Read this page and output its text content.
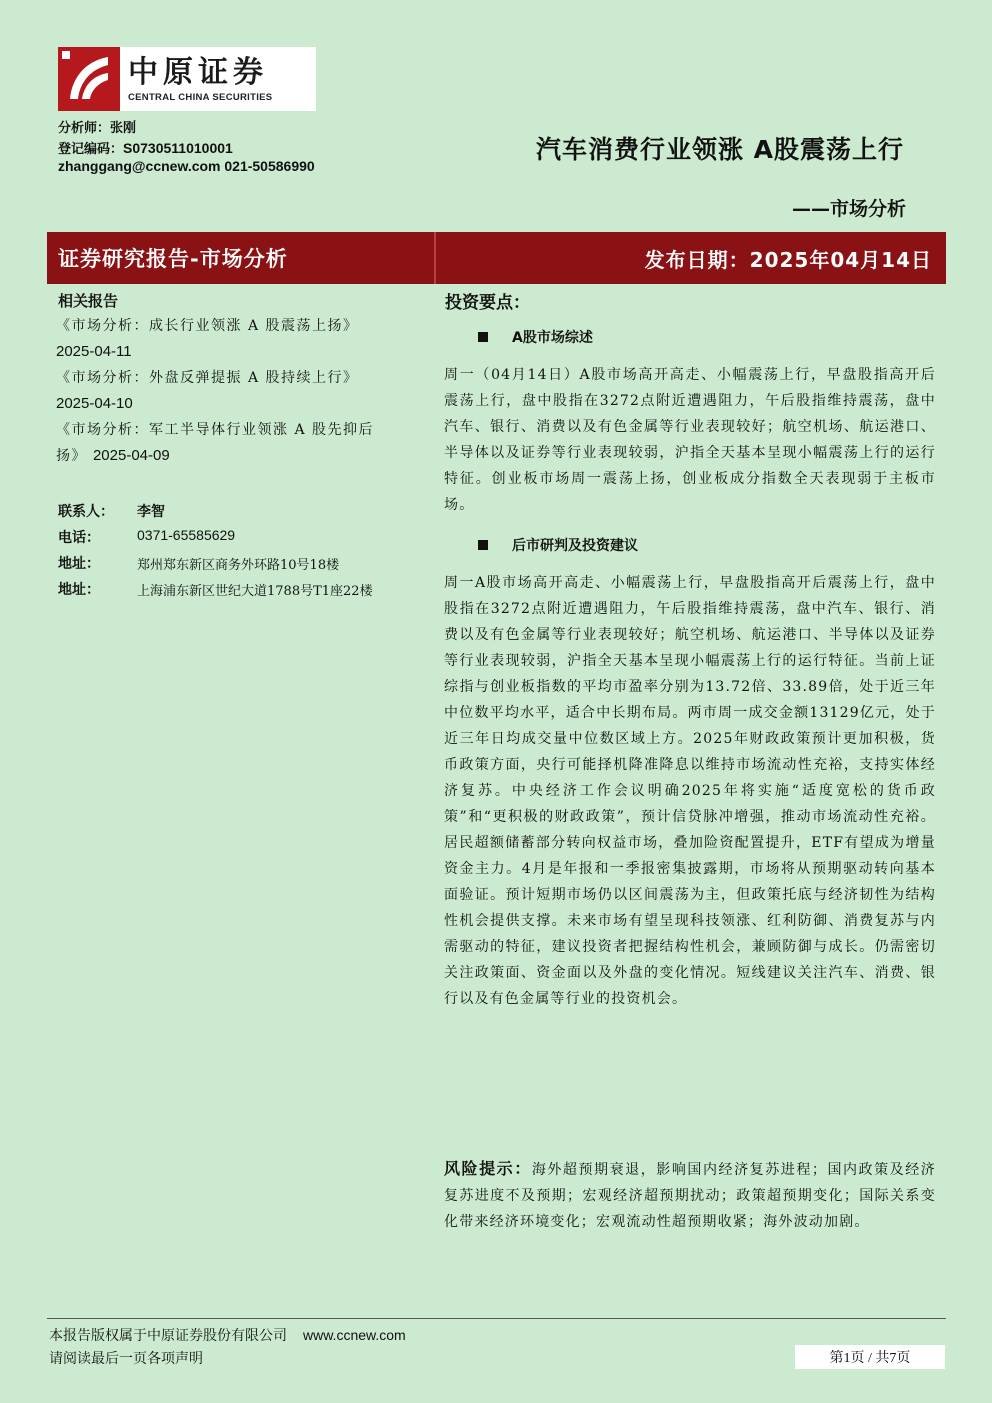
中原证券
CENTRAL CHINA SECURITIES
分析师：张刚
登记编码：S0730511010001
zhanggang@ccnew.com 021-50586990
汽车消费行业领涨 A股震荡上行
——市场分析
证券研究报告-市场分析	发布日期：2025年04月14日
相关报告
《市场分析：成长行业领涨 A 股震荡上扬》
2025-04-11
《市场分析：外盘反弹提振 A 股持续上行》
2025-04-10
《市场分析：军工半导体行业领涨 A 股先抑后扬》 2025-04-09
联系人： 李智
电话：	0371-65585629
地址：	郑州郑东新区商务外环路10号18楼
地址：	上海浦东新区世纪大道1788号T1座22楼
投资要点：
A股市场综述
周一（04月14日）A股市场高开高走、小幅震荡上行，早盘股指高开后震荡上行，盘中股指在3272点附近遭遇阻力，午后股指维持震荡，盘中汽车、银行、消费以及有色金属等行业表现较好；航空机场、航运港口、半导体以及证券等行业表现较弱，沪指全天基本呈现小幅震荡上行的运行特征。创业板市场周一震荡上扬，创业板成分指数全天表现弱于主板市场。
后市研判及投资建议
周一A股市场高开高走、小幅震荡上行，早盘股指高开后震荡上行，盘中股指在3272点附近遭遇阻力，午后股指维持震荡，盘中汽车、银行、消费以及有色金属等行业表现较好；航空机场、航运港口、半导体以及证券等行业表现较弱，沪指全天基本呈现小幅震荡上行的运行特征。当前上证综指与创业板指数的平均市盈率分别为13.72倍、33.89倍，处于近三年中位数平均水平，适合中长期布局。两市周一成交金额13129亿元，处于近三年日均成交量中位数区域上方。2025年财政政策预计更加积极，货币政策方面，央行可能择机降准降息以维持市场流动性充裕，支持实体经济复苏。中央经济工作会议明确2025年将实施“适度宽松的货币政策”和“更积极的财政政策”，预计信贷脉冲增强，推动市场流动性充裕。居民超额储蓄部分转向权益市场，叠加险资配置提升，ETF有望成为增量资金主力。4月是年报和一季报密集披露期，市场将从预期驱动转向基本面验证。预计短期市场仍以区间震荡为主，但政策托底与经济韧性为结构性机会提供支撑。未来市场有望呈现科技领涨、红利防御、消费复苏与内需驱动的特征，建议投资者把握结构性机会，兼顾防御与成长。仍需密切关注政策面、资金面以及外盘的变化情况。短线建议关注汽车、消费、银行以及有色金属等行业的投资机会。
风险提示：海外超预期衰退，影响国内经济复苏进程；国内政策及经济复苏进度不及预期；宏观经济超预期扰动；政策超预期变化；国际关系变化带来经济环境变化；宏观流动性超预期收紧；海外波动加剧。
本报告版权属于中原证券股份有限公司 www.ccnew.com
请阅读最后一页各项声明	第1页 / 共7页
